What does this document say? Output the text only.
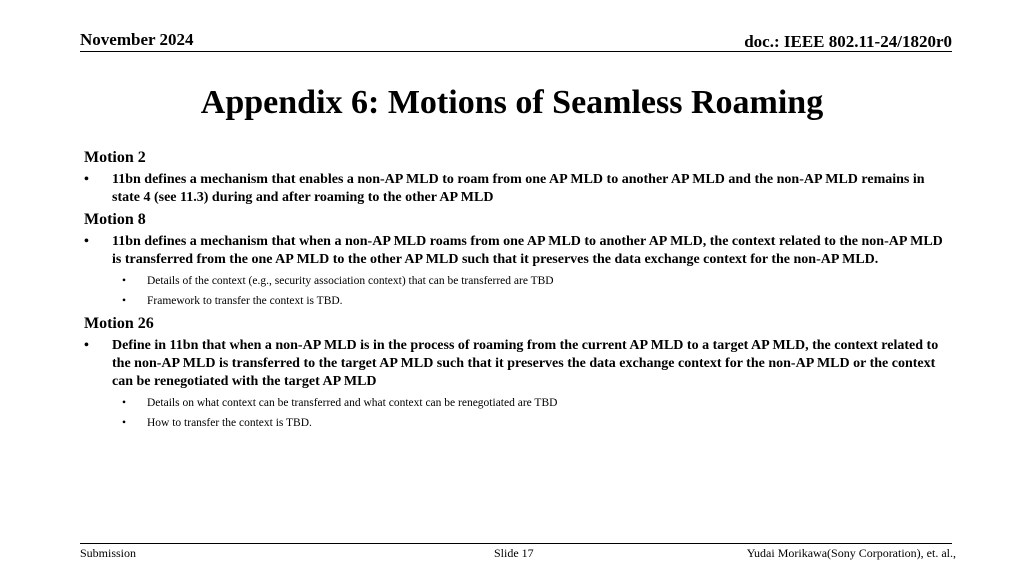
November 2024	doc.: IEEE 802.11-24/1820r0
Appendix 6: Motions of Seamless Roaming

Motion 2

• 11bn defines a mechanism that enables a non-AP MLD to roam from one AP MLD to another AP MLD and the non-AP MLD remains in state 4 (see 11.3) during and after roaming to the other AP MLD

Motion 8

• 11bn defines a mechanism that when a non-AP MLD roams from one AP MLD to another AP MLD, the context related to the non-AP MLD is transferred from the one AP MLD to the other AP MLD such that it preserves the data exchange context for the non-AP MLD.
• Details of the context (e.g., security association context) that can be transferred are TBD
• Framework to transfer the context is TBD.

Motion 26

• Define in 11bn that when a non-AP MLD is in the process of roaming from the current AP MLD to a target AP MLD, the context related to the non-AP MLD is transferred to the target AP MLD such that it preserves the data exchange context for the non-AP MLD or the context can be renegotiated with the target AP MLD
• Details on what context can be transferred and what context can be renegotiated are TBD
• How to transfer the context is TBD.
Submission	Slide 17	Yudai Morikawa(Sony Corporation), et. al.,
